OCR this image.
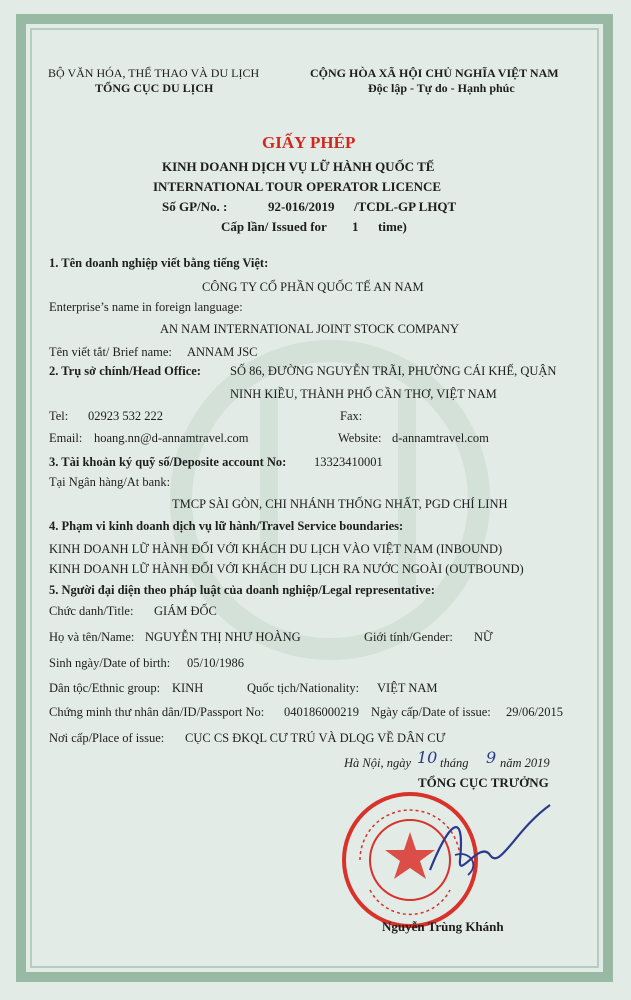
BỘ VĂN HÓA, THỂ THAO VÀ DU LỊCH
TỔNG CỤC DU LỊCH
CỘNG HÒA XÃ HỘI CHỦ NGHĨA VIỆT NAM
Độc lập - Tự do - Hạnh phúc
GIẤY PHÉP
KINH DOANH DỊCH VỤ LỮ HÀNH QUỐC TẾ
INTERNATIONAL TOUR OPERATOR LICENCE
Số GP/No. :	92-016/2019 /TCDL-GP LHQT
Cấp lần/ Issued for 1 time)
1. Tên doanh nghiệp viết bằng tiếng Việt:
CÔNG TY CỔ PHẦN QUỐC TẾ AN NAM
Enterprise’s name in foreign language:
AN NAM INTERNATIONAL JOINT STOCK COMPANY
Tên viết tắt/ Brief name: ANNAM JSC
2. Trụ sở chính/Head Office: SỐ 86, ĐƯỜNG NGUYỄN TRÃI, PHƯỜNG CÁI KHẾ, QUẬN
NINH KIỀU, THÀNH PHỐ CẦN THƠ, VIỆT NAM
Tel: 02923 532 222	Fax:
Email: hoang.nn@d-annamtravel.com	Website: d-annamtravel.com
3. Tài khoản ký quỹ số/Deposite account No: 13323410001
Tại Ngân hàng/At bank:
TMCP SÀI GÒN, CHI NHÁNH THỐNG NHẤT, PGD CHÍ LINH
4. Phạm vi kinh doanh dịch vụ lữ hành/Travel Service boundaries:
KINH DOANH LỮ HÀNH ĐỐI VỚI KHÁCH DU LỊCH VÀO VIỆT NAM (INBOUND)
KINH DOANH LỮ HÀNH ĐỐI VỚI KHÁCH DU LỊCH RA NƯỚC NGOÀI (OUTBOUND)
5. Người đại diện theo pháp luật của doanh nghiệp/Legal representative:
Chức danh/Title: GIÁM ĐỐC
Họ và tên/Name: NGUYỄN THỊ NHƯ HOÀNG	Giới tính/Gender: NỮ
Sinh ngày/Date of birth: 05/10/1986
Dân tộc/Ethnic group: KINH	Quốc tịch/Nationality: VIỆT NAM
Chứng minh thư nhân dân/ID/Passport No: 040186000219 Ngày cấp/Date of issue: 29/06/2015
Nơi cấp/Place of issue: CỤC CS ĐKQL CƯ TRÚ VÀ DLQG VỀ DÂN CƯ
Hà Nội, ngày 10 tháng 9 năm 2019
TỔNG CỤC TRƯỞNG
Nguyễn Trùng Khánh
